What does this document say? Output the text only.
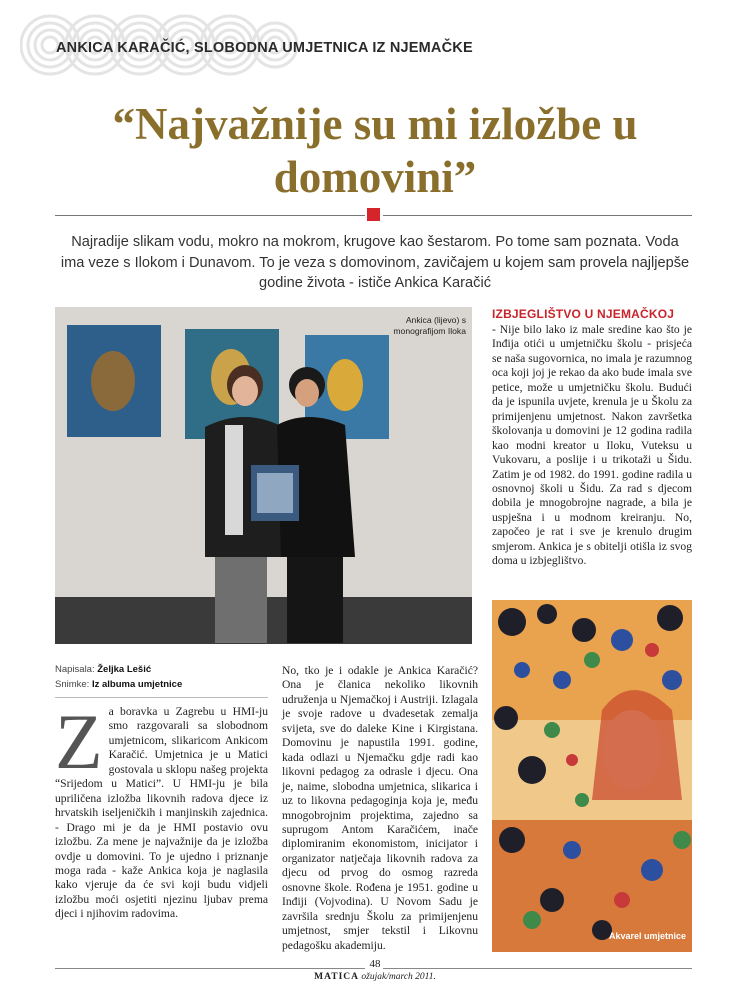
ANKICA KARAČIĆ, SLOBODNA UMJETNICA IZ NJEMAČKE
“Najvažnije su mi izložbe u domovini”

Najradije slikam vodu, mokro na mokrom, krugove kao šestarom. Po tome sam poznata. Voda ima veze s Ilokom i Dunavom. To je veza s domovinom, zavičajem u kojem sam provela najljepše godine života - ističe Ankica Karačić

Ankica (lijevo) s monografijom Iloka
Napisala: Željka Lešić
Snimke: Iz albuma umjetnice
Za boravka u Zagrebu u HMI-ju smo razgovarali sa slobodnom umjetnicom, slikaricom Ankicom Karačić. Umjetnica je u Matici gostovala u sklopu našeg projekta “Srijedom u Matici”. U HMI-ju je bila upriličena izložba likovnih radova djece iz hrvatskih iseljeničkih i manjinskih zajednica. - Drago mi je da je HMI postavio ovu izložbu. Za mene je najvažnije da je izložba ovdje u domovini. To je ujedno i priznanje moga rada - kaže Ankica koja je naglasila kako vjeruje da će svi koji budu vidjeli izložbu moći osjetiti njezinu ljubav prema djeci i njihovim radovima.
No, tko je i odakle je Ankica Karačić? Ona je članica nekoliko likovnih udruženja u Njemačkoj i Austriji. Izlagala je svoje radove u dvadesetak zemalja svijeta, sve do daleke Kine i Kirgistana. Domovinu je napustila 1991. godine, kada odlazi u Njemačku gdje radi kao likovni pedagog za odrasle i djecu. Ona je, naime, slobodna umjetnica, slikarica i uz to likovna pedagoginja koja je, među mnogobrojnim projektima, zajedno sa suprugom Antom Karačićem, inače diplomiranim ekonomistom, inicijator i organizator natječaja likovnih radova za djecu od prvog do osmog razreda osnovne škole. Rođena je 1951. godine u Inđiji (Vojvodina). U Novom Sadu je završila srednju Školu za primijenjenu umjetnost, smjer tekstil i Likovnu pedagošku akademiju.
IZBJEGLIŠTVO U NJEMAČKOJ
- Nije bilo lako iz male sredine kao što je Inđija otići u umjetničku školu - prisjeća se naša sugovornica, no imala je razumnog oca koji joj je rekao da ako bude imala sve petice, može u umjetničku školu. Budući da je ispunila uvjete, krenula je u Školu za primijenjenu umjetnost. Nakon završetka školovanja u domovini je 12 godina radila kao modni kreator u Iloku, Vuteksu u Vukovaru, a poslije i u trikotaži u Šidu. Zatim je od 1982. do 1991. godine radila u osnovnoj školi u Šidu. Za rad s djecom dobila je mnogobrojne nagrade, a bila je uspješna i u modnom kreiranju. No, započeo je rat i sve je krenulo drugim smjerom. Ankica je s obitelji otišla iz svog doma u izbjeglištvo.
Akvarel umjetnice
48
MATICA ožujak/march 2011.
